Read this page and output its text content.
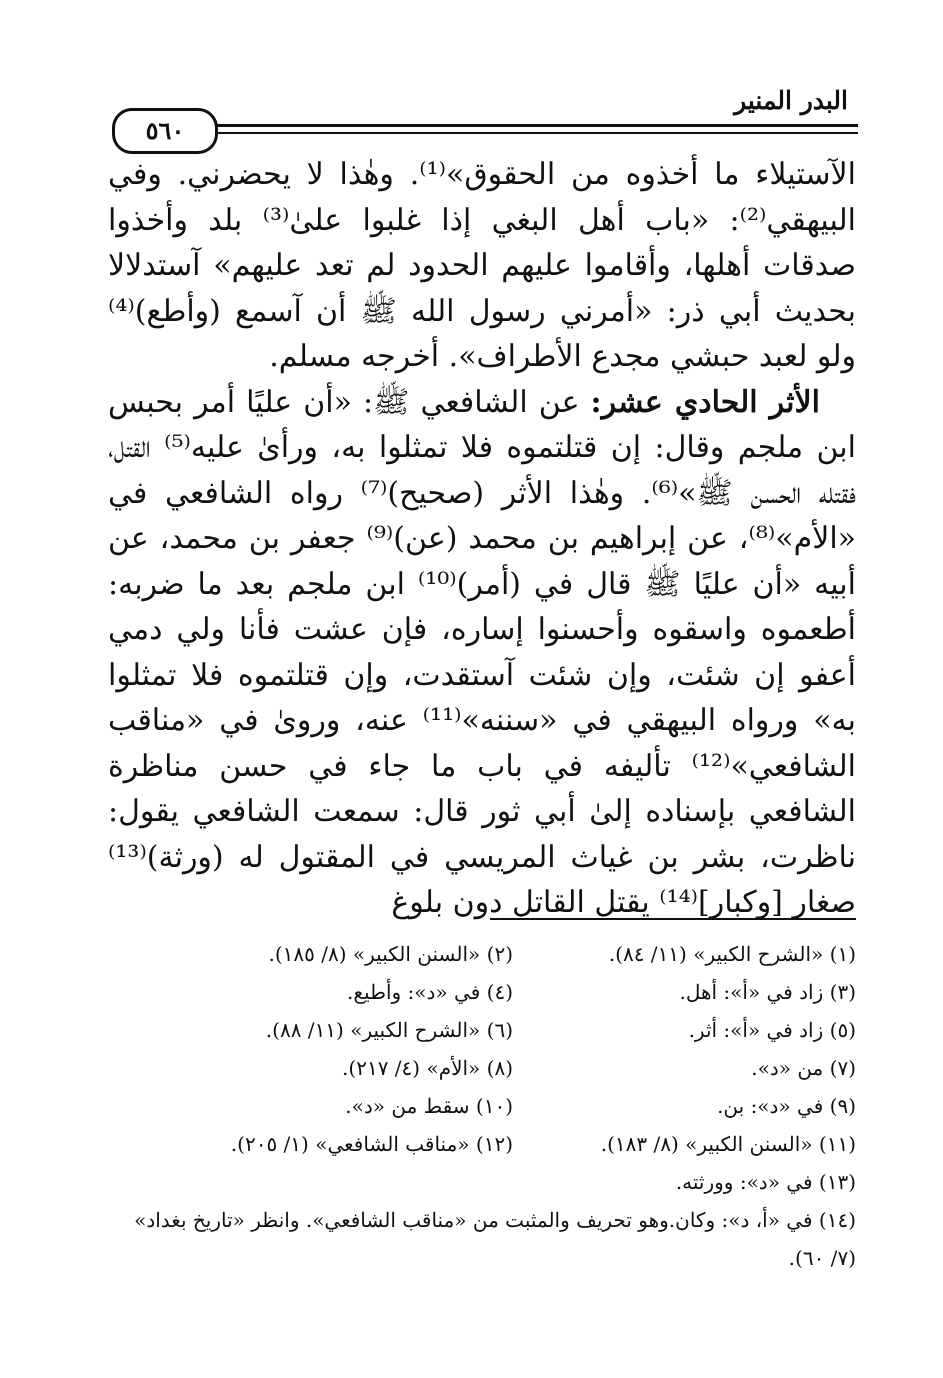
البدر المنير
٥٦٠

الآستيلاء ما أخذوه من الحقوق»⁽¹⁾. وهٰذا لا يحضرني. وفي البيهقي⁽²⁾: «باب أهل البغي إذا غلبوا علىٰ⁽³⁾ بلد وأخذوا صدقات أهلها، وأقاموا عليهم الحدود لم تعد عليهم» آستدلالا بحديث أبي ذر: «أمرني رسول الله ﷺ أن آسمع (وأطع)⁽⁴⁾ ولو لعبد حبشي مجدع الأطراف». أخرجه مسلم.

الأثر الحادي عشر: عن الشافعي ﷺ: «أن عليًا أمر بحبس ابن ملجم وقال: إن قتلتموه فلا تمثلوا به، ورأىٰ عليه⁽⁵⁾ القتل، فقتله الحسن ﷺ»⁽⁶⁾. وهٰذا الأثر (صحيح)⁽⁷⁾ رواه الشافعي في «الأم»⁽⁸⁾، عن إبراهيم بن محمد (عن)⁽⁹⁾ جعفر بن محمد، عن أبيه «أن عليًا ﷺ قال في (أمر)⁽¹⁰⁾ ابن ملجم بعد ما ضربه: أطعموه واسقوه وأحسنوا إساره، فإن عشت فأنا ولي دمي أعفو إن شئت، وإن شئت آستقدت، وإن قتلتموه فلا تمثلوا به» ورواه البيهقي في «سننه»⁽¹¹⁾ عنه، وروىٰ في «مناقب الشافعي»⁽¹²⁾ تأليفه في باب ما جاء في حسن مناظرة الشافعي بإسناده إلىٰ أبي ثور قال: سمعت الشافعي يقول: ناظرت، بشر بن غياث المريسي في المقتول له (ورثة)⁽¹³⁾ صغار [وكبار]⁽¹⁴⁾ يقتل القاتل دون بلوغ

(١) «الشرح الكبير» (١١/ ٨٤).
(٢) «السنن الكبير» (٨/ ١٨٥).
(٣) زاد في «أ»: أهل.
(٤) في «د»: وأطيع.
(٥) زاد في «أ»: أثر.
(٦) «الشرح الكبير» (١١/ ٨٨).
(٧) من «د».
(٨) «الأم» (٤/ ٢١٧).
(٩) في «د»: بن.
(١٠) سقط من «د».
(١١) «السنن الكبير» (٨/ ١٨٣).
(١٢) «مناقب الشافعي» (١/ ٢٠٥).
(١٣) في «د»: وورثته.
(١٤) في «أ، د»: وكان.وهو تحريف والمثبت من «مناقب الشافعي». وانظر «تاريخ بغداد» (٧/ ٦٠).
